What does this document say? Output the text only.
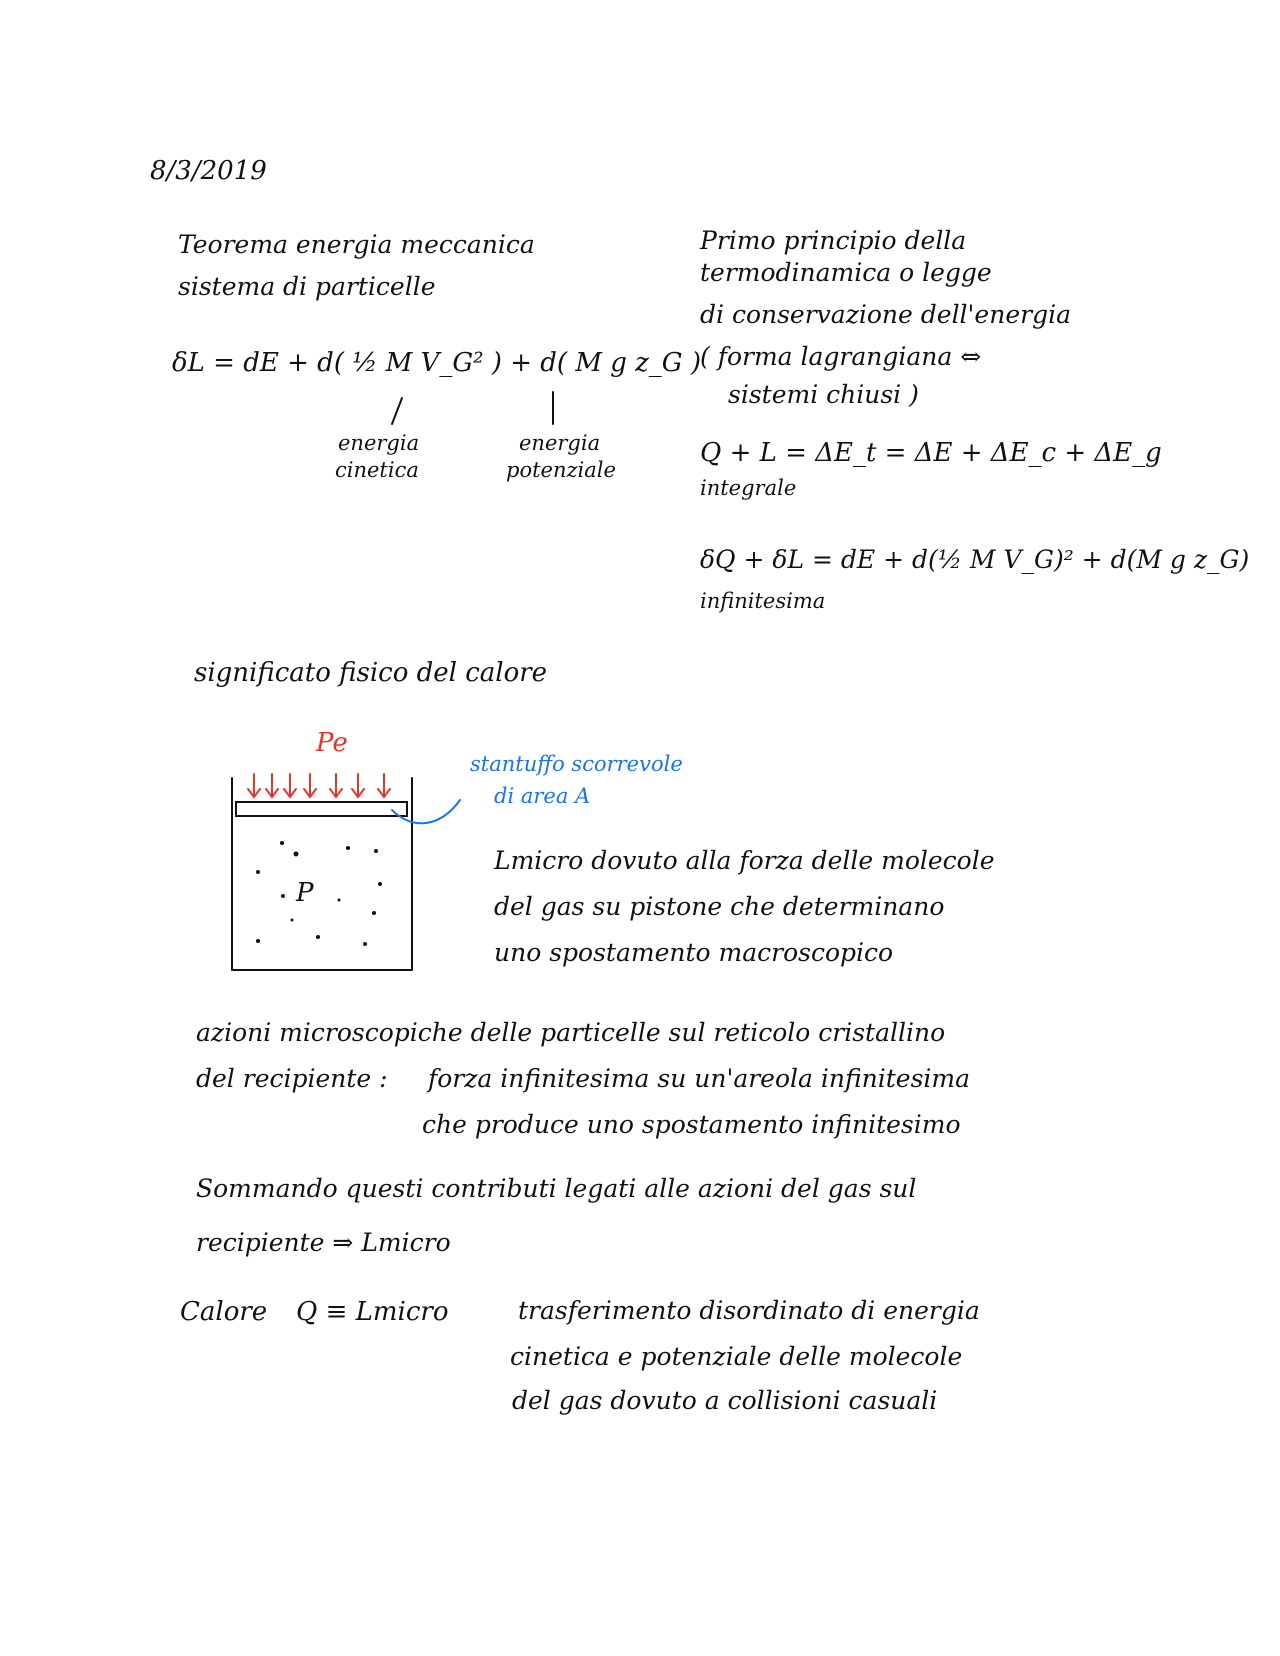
8/3/2019
Teorema energia meccanica
sistema di particelle
δL = dE + d( ½ M V_G² ) + d( M g z_G )
energia
cinetica
energia
potenziale
Primo principio della
termodinamica o legge
di conservazione dell'energia
( forma lagrangiana ⇔
sistemi chiusi )
Q + L = ΔE_t = ΔE + ΔE_c + ΔE_g
integrale
δQ + δL = dE + d(½ M V_G)² + d(M g z_G)
infinitesima
significato fisico del calore
Pe
stantuffo scorrevole
di area A
P
Lmicro dovuto alla forza delle molecole
del gas su pistone che determinano
uno spostamento macroscopico
azioni microscopiche delle particelle sul reticolo cristallino
del recipiente : forza infinitesima su un'areola infinitesima
che produce uno spostamento infinitesimo
Sommando questi contributi legati alle azioni del gas sul
recipiente ⇒ Lmicro
Calore Q ≡ Lmicro	trasferimento disordinato di energia
cinetica e potenziale delle molecole
del gas dovuto a collisioni casuali
